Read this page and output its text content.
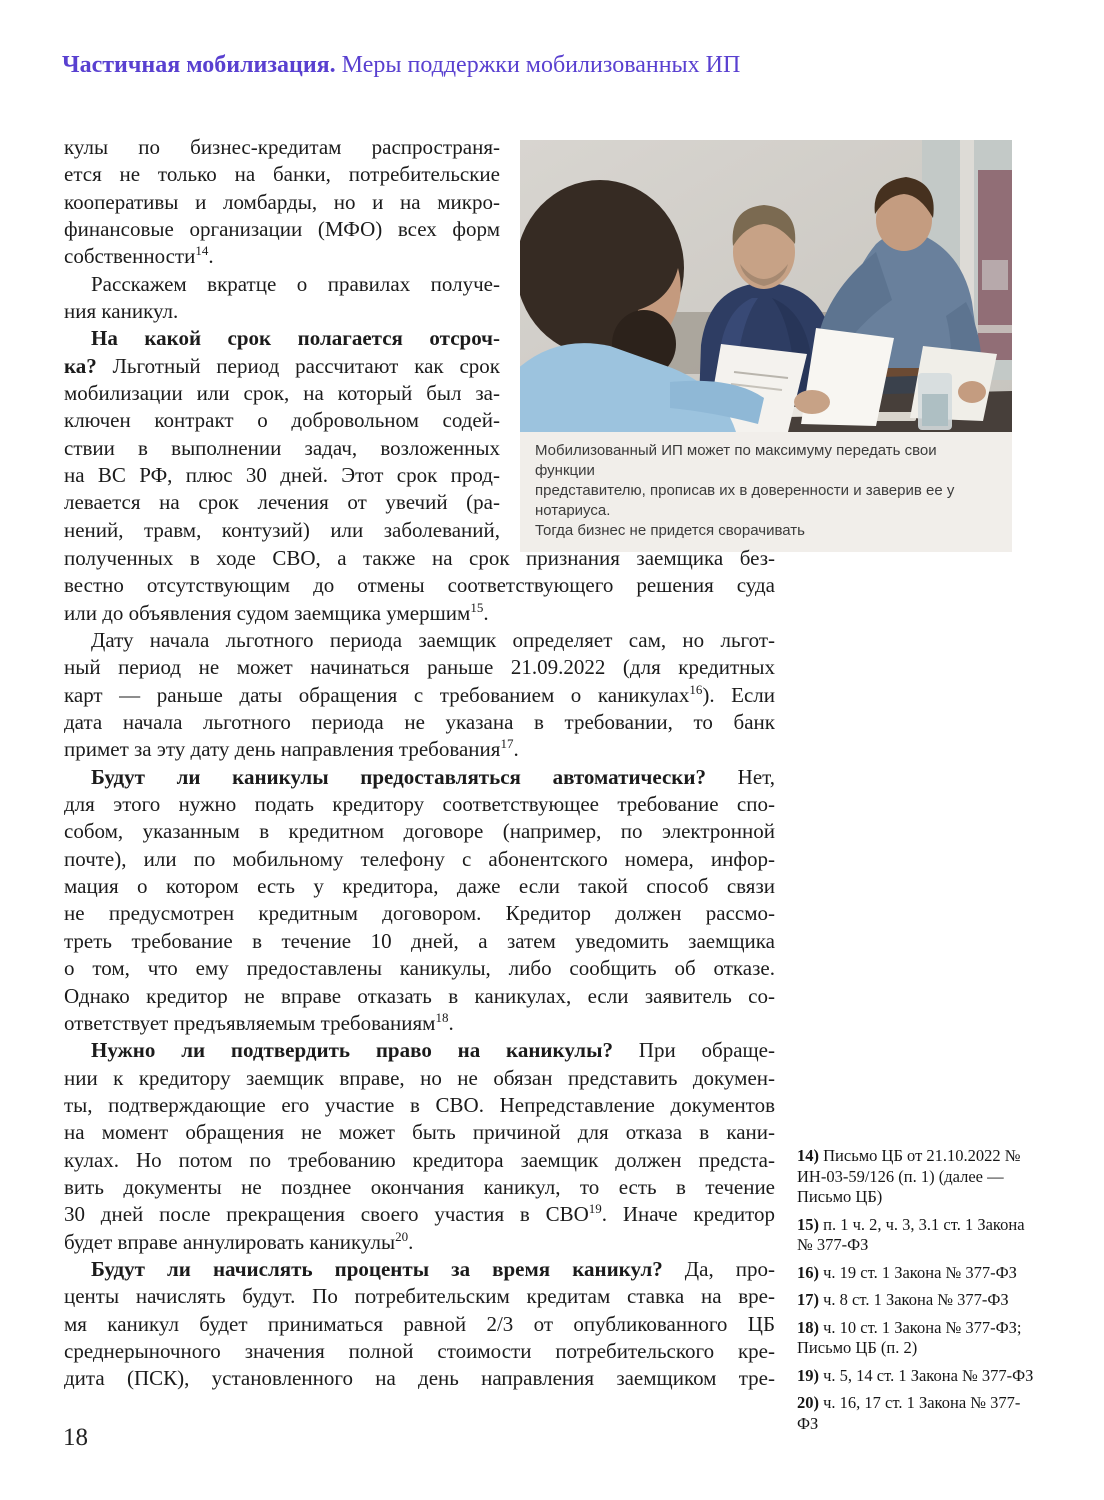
Частичная мобилизация. Меры поддержки мобилизованных ИП
Мобилизованный ИП может по максимуму передать свои функции
представителю, прописав их в доверенности и заверив ее у нотариуса.
Тогда бизнес не придется сворачивать
кулы по бизнес-кредитам распространя-
ется не только на банки, потребительские
кооперативы и ломбарды, но и на микро-
финансовые организации (МФО) всех форм
собственности$^{14}$.
Расскажем вкратце о правилах получе-
ния каникул.
На какой срок полагается отсроч-
ка? Льготный период рассчитают как срок
мобилизации или срок, на который был за-
ключен контракт о добровольном содей-
ствии в выполнении задач, возложенных
на ВС РФ, плюс 30 дней. Этот срок прод-
левается на срок лечения от увечий (ра-
нений, травм, контузий) или заболеваний,
полученных в ходе СВО, а также на срок признания заемщика без-
вестно отсутствующим до отмены соответствующего решения суда
или до объявления судом заемщика умершим$^{15}$.
Дату начала льготного периода заемщик определяет сам, но льгот-
ный период не может начинаться раньше 21.09.2022 (для кредитных
карт — раньше даты обращения с требованием о каникулах$^{16}$). Если
дата начала льготного периода не указана в требовании, то банк
примет за эту дату день направления требования$^{17}$.
Будут ли каникулы предоставляться автоматически? Нет,
для этого нужно подать кредитору соответствующее требование спо-
собом, указанным в кредитном договоре (например, по электронной
почте), или по мобильному телефону с абонентского номера, инфор-
мация о котором есть у кредитора, даже если такой способ связи
не предусмотрен кредитным договором. Кредитор должен рассмо-
треть требование в течение 10 дней, а затем уведомить заемщика
о том, что ему предоставлены каникулы, либо сообщить об отказе.
Однако кредитор не вправе отказать в каникулах, если заявитель со-
ответствует предъявляемым требованиям$^{18}$.
Нужно ли подтвердить право на каникулы? При обраще-
нии к кредитору заемщик вправе, но не обязан представить докумен-
ты, подтверждающие его участие в СВО. Непредставление документов
на момент обращения не может быть причиной для отказа в кани-
кулах. Но потом по требованию кредитора заемщик должен предста-
вить документы не позднее окончания каникул, то есть в течение
30 дней после прекращения своего участия в СВО$^{19}$. Иначе кредитор
будет вправе аннулировать каникулы$^{20}$.
Будут ли начислять проценты за время каникул? Да, про-
центы начислять будут. По потребительским кредитам ставка на вре-
мя каникул будет приниматься равной 2/3 от опубликованного ЦБ
среднерыночного значения полной стоимости потребительского кре-
дита (ПСК), установленного на день направления заемщиком тре-
14) Письмо ЦБ от 21.10.2022 № ИН-03-59/126 (п. 1) (далее — Письмо ЦБ)
15) п. 1 ч. 2, ч. 3, 3.1 ст. 1 Закона № 377-ФЗ
16) ч. 19 ст. 1 Закона № 377-ФЗ
17) ч. 8 ст. 1 Закона № 377-ФЗ
18) ч. 10 ст. 1 Закона № 377-ФЗ; Письмо ЦБ (п. 2)
19) ч. 5, 14 ст. 1 Закона № 377-ФЗ
20) ч. 16, 17 ст. 1 Закона № 377-ФЗ
18
